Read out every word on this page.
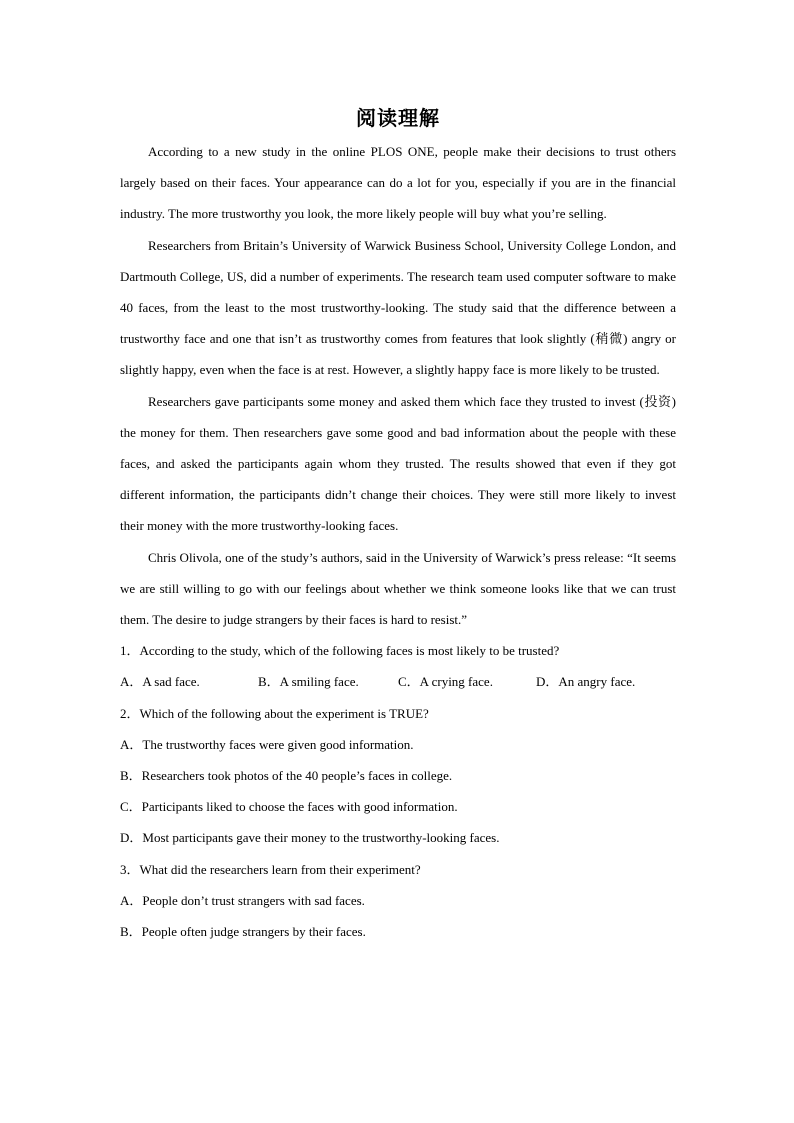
阅读理解

According to a new study in the online PLOS ONE, people make their decisions to trust others largely based on their faces. Your appearance can do a lot for you, especially if you are in the financial industry. The more trustworthy you look, the more likely people will buy what you’re selling.

Researchers from Britain’s University of Warwick Business School, University College London, and Dartmouth College, US, did a number of experiments. The research team used computer software to make 40 faces, from the least to the most trustworthy-looking. The study said that the difference between a trustworthy face and one that isn’t as trustworthy comes from features that look slightly (稍微) angry or slightly happy, even when the face is at rest. However, a slightly happy face is more likely to be trusted.

Researchers gave participants some money and asked them which face they trusted to invest (投资) the money for them. Then researchers gave some good and bad information about the people with these faces, and asked the participants again whom they trusted. The results showed that even if they got different information, the participants didn’t change their choices. They were still more likely to invest their money with the more trustworthy-looking faces.

Chris Olivola, one of the study’s authors, said in the University of Warwick’s press release: “It seems we are still willing to go with our feelings about whether we think someone looks like that we can trust them. The desire to judge strangers by their faces is hard to resist.”

1．According to the study, which of the following faces is most likely to be trusted?

A．A sad face.	B．A smiling face.	C．A crying face.	D．An angry face.

2．Which of the following about the experiment is TRUE?

A．The trustworthy faces were given good information.

B．Researchers took photos of the 40 people’s faces in college.

C．Participants liked to choose the faces with good information.

D．Most participants gave their money to the trustworthy-looking faces.

3．What did the researchers learn from their experiment?

A．People don’t trust strangers with sad faces.

B．People often judge strangers by their faces.
